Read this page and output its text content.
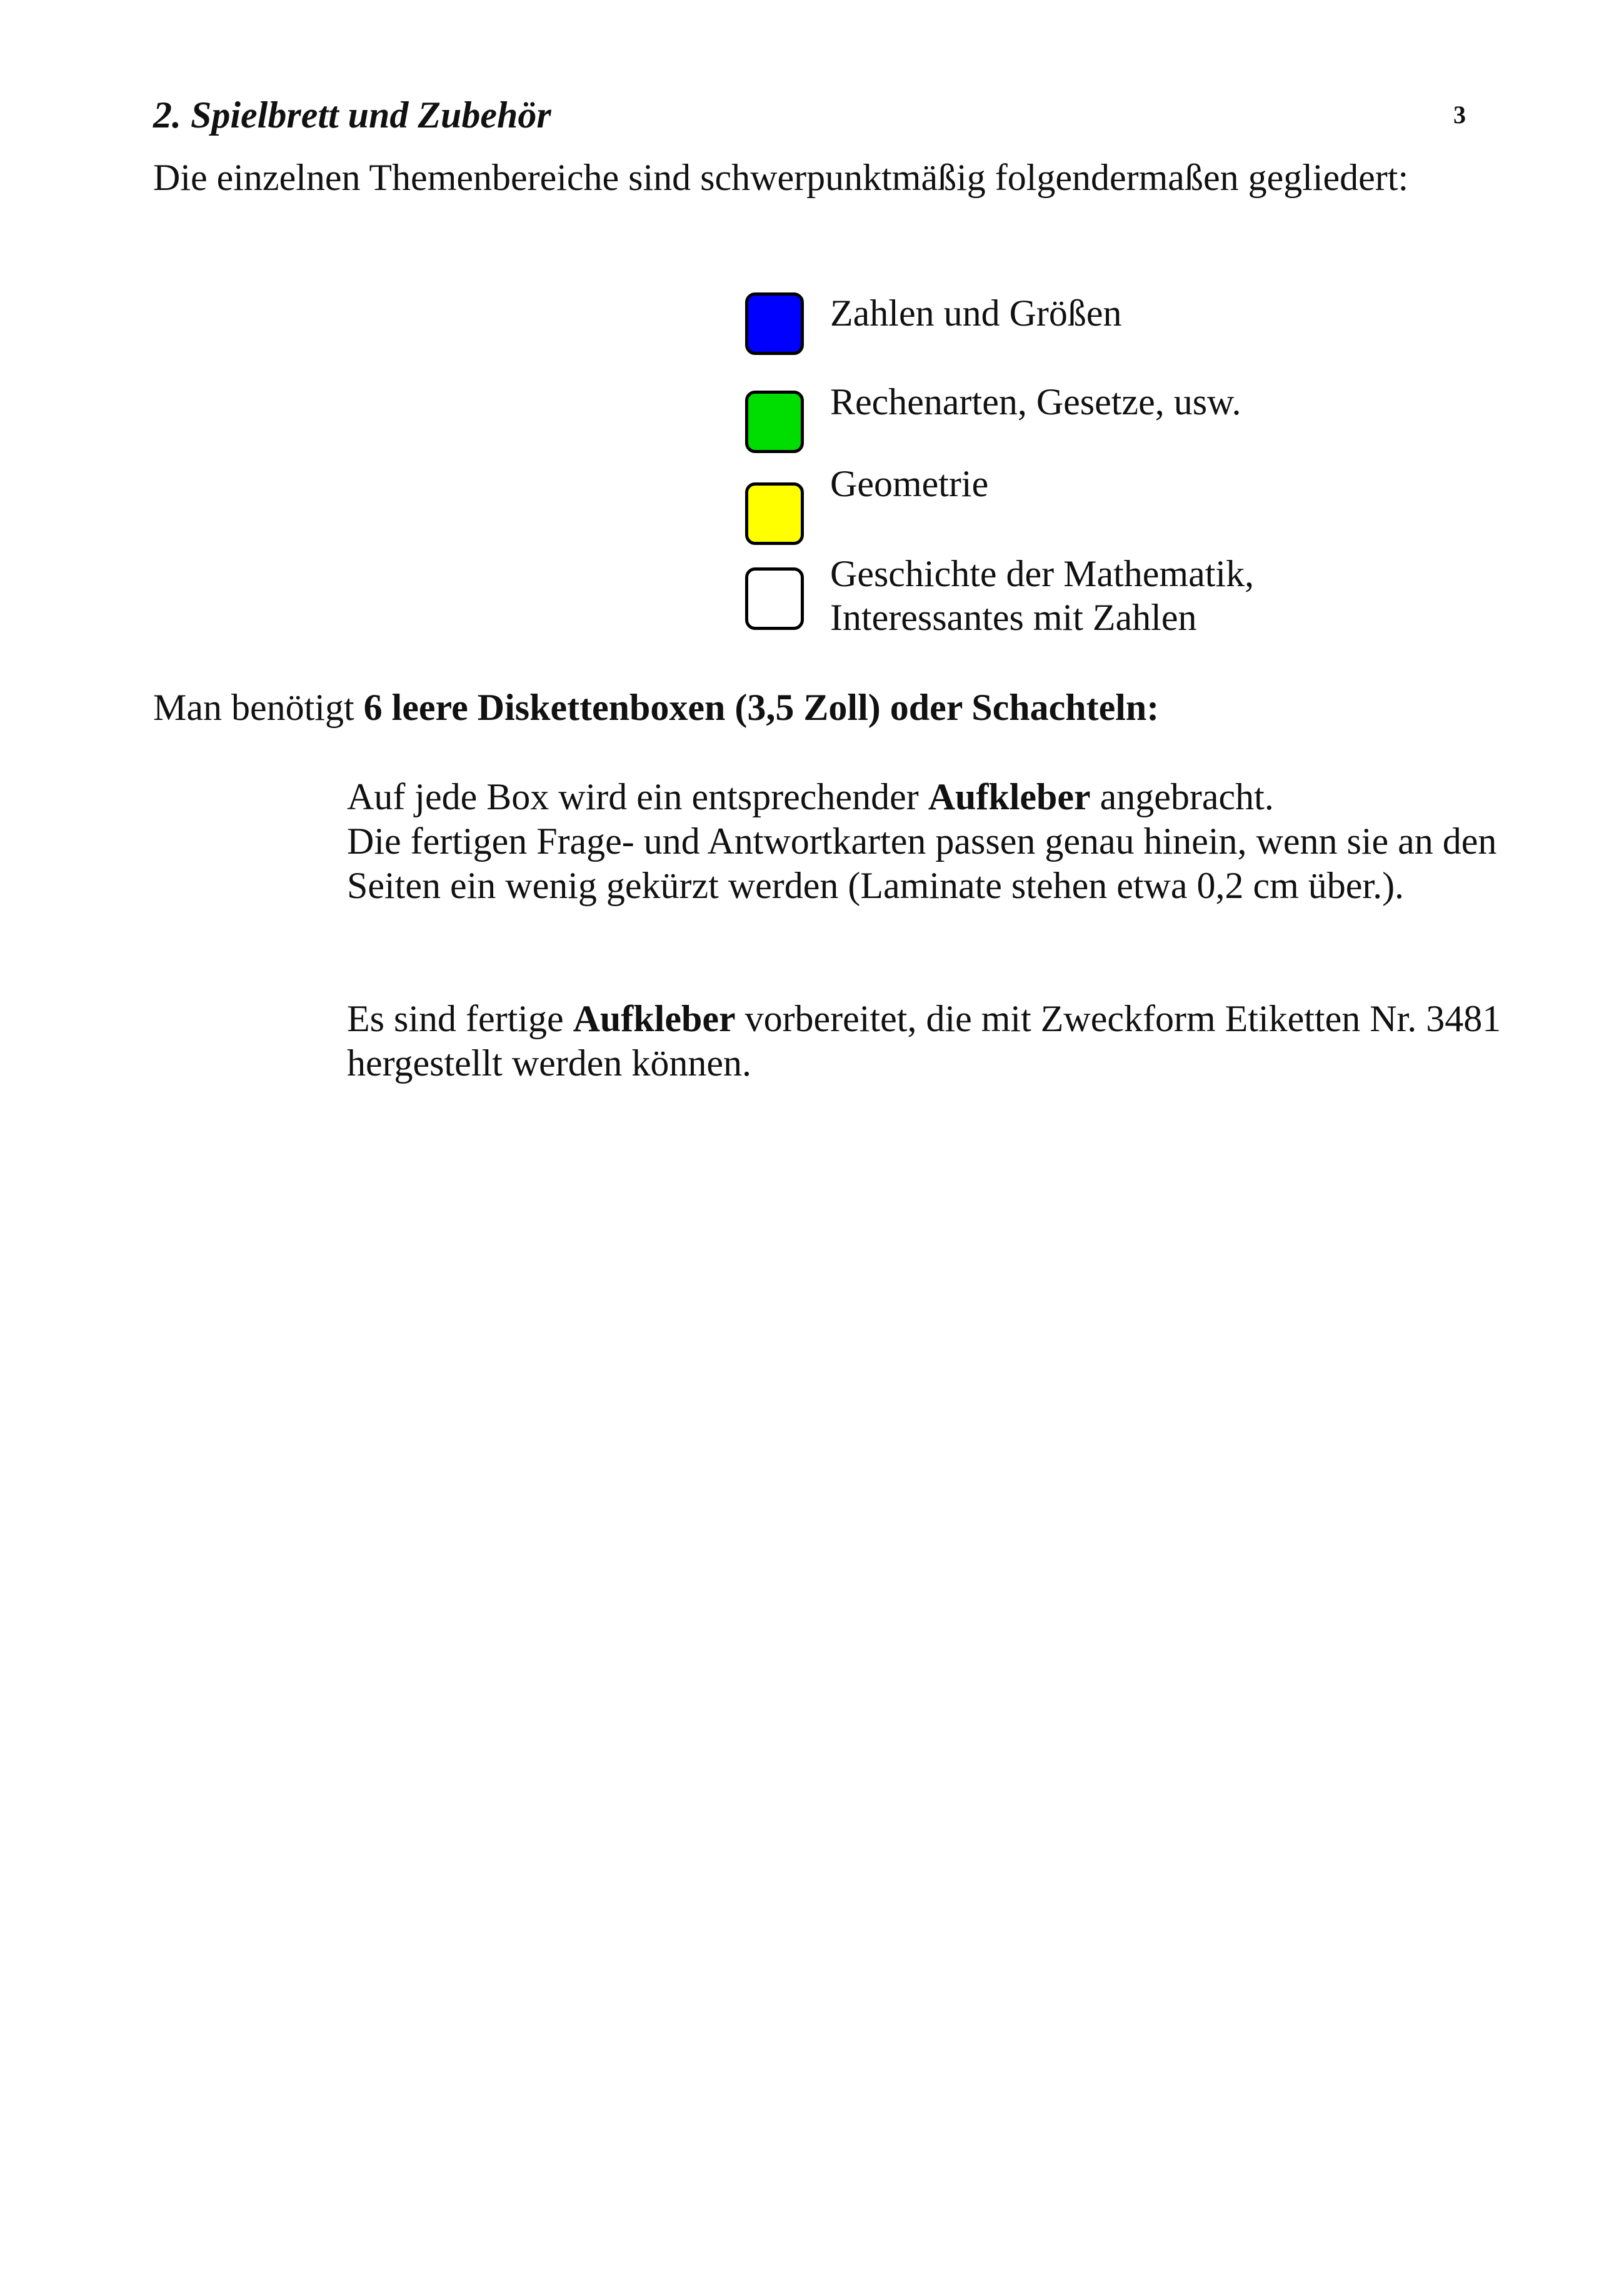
2. Spielbrett und Zubehör	3
Die einzelnen Themenbereiche sind schwerpunktmäßig folgendermaßen gegliedert:
Zahlen und Größen
Rechenarten, Gesetze, usw.
Geometrie
Geschichte der Mathematik,
Interessantes mit Zahlen
Man benötigt 6 leere Diskettenboxen (3,5 Zoll) oder Schachteln:

Auf jede Box wird ein entsprechender Aufkleber angebracht.
Die fertigen Frage- und Antwortkarten passen genau hinein, wenn sie an den Seiten ein wenig gekürzt werden (Laminate stehen etwa 0,2 cm über.).

Es sind fertige Aufkleber vorbereitet, die mit Zweckform Etiketten Nr. 3481 hergestellt werden können.
